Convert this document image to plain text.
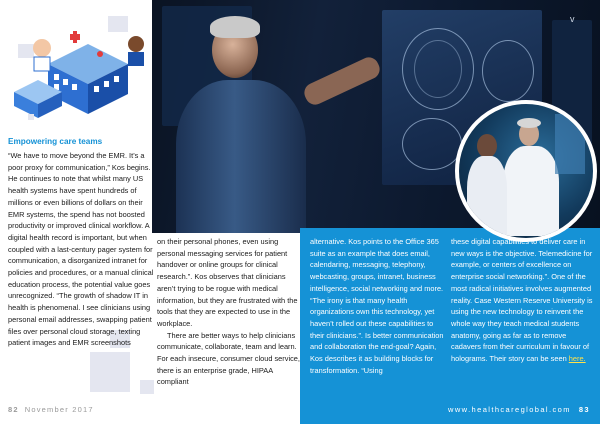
v
Empowering care teams

“We have to move beyond the EMR. It’s a poor proxy for communication,” Kos begins. He continues to note that whilst many US health systems have spent hundreds of millions or even billions of dollars on their EMR systems, the spend has not boosted productivity or improved clinical workflow. A digital health record is important, but when coupled with a last-century pager system for communication, a disorganized intranet for policies and procedures, or a manual clinical education process, the potential value goes unrecognized. “The growth of shadow IT in health is phenomenal. I see clinicians using personal email addresses, swapping patient files over personal cloud storage, texting patient images and EMR screenshots

on their personal phones, even using personal messaging services for patient handover or online groups for clinical research.”. Kos observes that clinicians aren’t trying to be rogue with medical information, but they are frustrated with the tools that they are expected to use in the workplace.

There are better ways to help clinicians communicate, collaborate, team and learn. For each insecure, consumer cloud service, there is an enterprise grade, HIPAA compliant

alternative. Kos points to the Office 365 suite as an example that does email, calendaring, messaging, telephony, webcasting, groups, intranet, business intelligence, social networking and more. “The irony is that many health organizations own this technology, yet haven’t rolled out these capabilities to their clinicians.”. Is better communication and collaboration the end-goal? Again, Kos describes it as building blocks for transformation. “Using

these digital capabilities to deliver care in new ways is the objective. Telemedicine for example, or centers of excellence on enterprise social networking.”. One of the most radical initiatives involves augmented reality. Case Western Reserve University is using the new technology to reinvent the whole way they teach medical students anatomy, going as far as to remove cadavers from their curriculum in favour of holograms. Their story can be seen here.

82 November 2017	www.healthcareglobal.com 83
